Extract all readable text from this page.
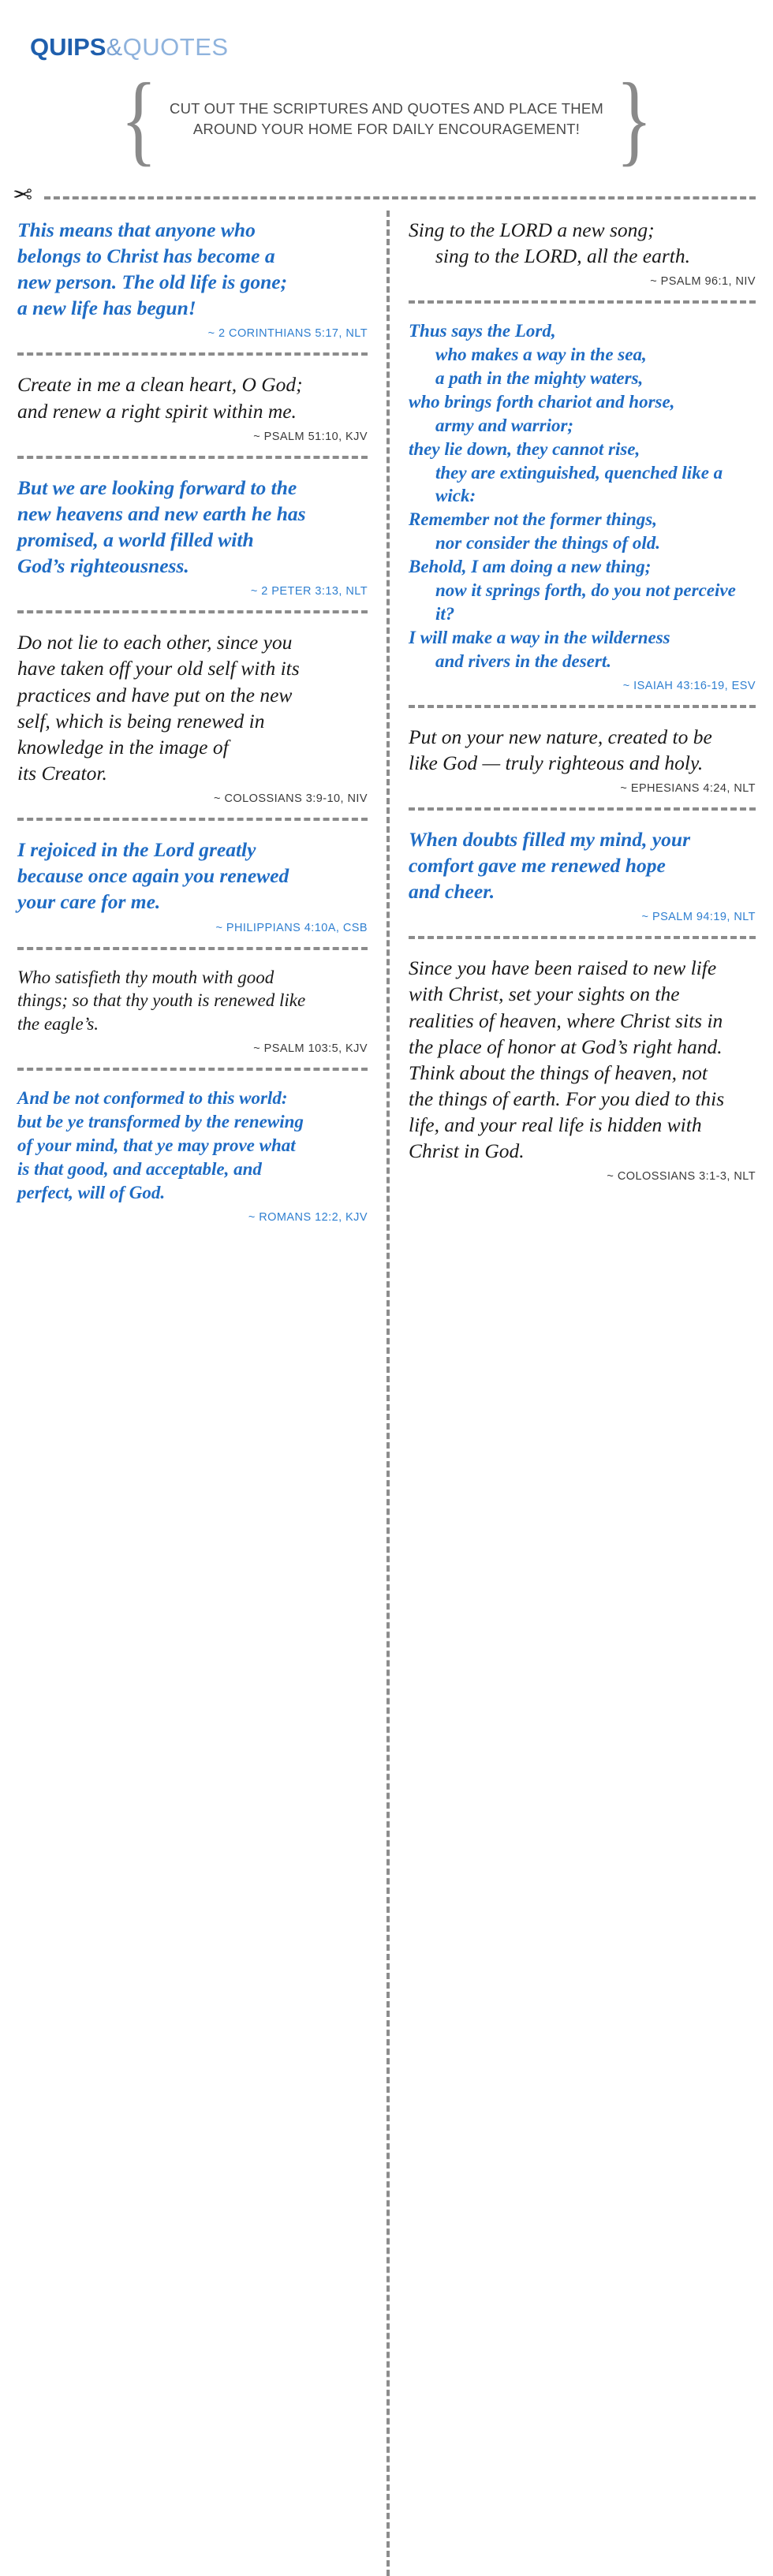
QUIPS&QUOTES
{ CUT OUT THE SCRIPTURES AND QUOTES AND PLACE THEM
AROUND YOUR HOME FOR DAILY ENCOURAGEMENT! }
✂
This means that anyone who
belongs to Christ has become a
new person. The old life is gone;
a new life has begun!
~ 2 CORINTHIANS 5:17, NLT
Create in me a clean heart, O God;
and renew a right spirit within me.
~ PSALM 51:10, KJV
But we are looking forward to the
new heavens and new earth he has
promised, a world filled with
God’s righteousness.
~ 2 PETER 3:13, NLT
Do not lie to each other, since you
have taken off your old self with its
practices and have put on the new
self, which is being renewed in
knowledge in the image of
its Creator.
~ COLOSSIANS 3:9-10, NIV
I rejoiced in the Lord greatly
because once again you renewed
your care for me.
~ PHILIPPIANS 4:10A, CSB
Who satisfieth thy mouth with good
things; so that thy youth is renewed like
the eagle’s.
~ PSALM 103:5, KJV
And be not conformed to this world:
but be ye transformed by the renewing
of your mind, that ye may prove what
is that good, and acceptable, and
perfect, will of God.
~ ROMANS 12:2, KJV
Sing to the LORD a new song;
sing to the LORD, all the earth.
~ PSALM 96:1, NIV
Thus says the Lord,
who makes a way in the sea,
a path in the mighty waters,
who brings forth chariot and horse,
army and warrior;
they lie down, they cannot rise,
they are extinguished, quenched like a wick:
Remember not the former things,
nor consider the things of old.
Behold, I am doing a new thing;
now it springs forth, do you not perceive it?
I will make a way in the wilderness
and rivers in the desert.
~ ISAIAH 43:16-19, ESV
Put on your new nature, created to be
like God — truly righteous and holy.
~ EPHESIANS 4:24, NLT
When doubts filled my mind, your
comfort gave me renewed hope
and cheer.
~ PSALM 94:19, NLT
Since you have been raised to new life
with Christ, set your sights on the
realities of heaven, where Christ sits in
the place of honor at God’s right hand.
Think about the things of heaven, not
the things of earth. For you died to this
life, and your real life is hidden with
Christ in God.
~ COLOSSIANS 3:1-3, NLT
